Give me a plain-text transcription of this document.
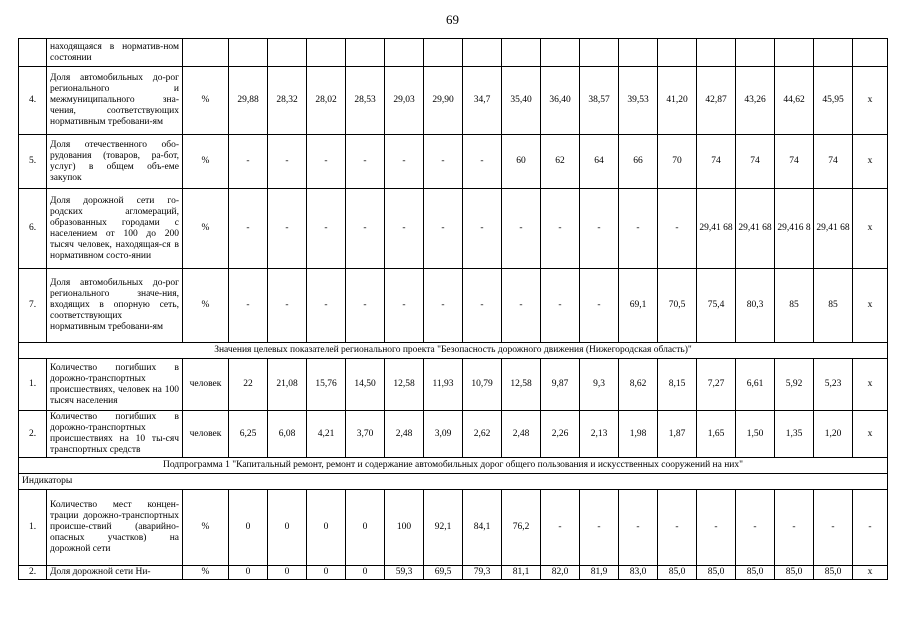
69
	находящаяся в норматив-ном состоянии																		
4.	Доля автомобильных до-рог регионального и межмуниципального зна-чения, соответствующих нормативным требовани-ям	%	29,88	28,32	28,02	28,53	29,03	29,90	34,7	35,40	36,40	38,57	39,53	41,20	42,87	43,26	44,62	45,95	х
5.	Доля отечественного обо-рудования (товаров, ра-бот, услуг) в общем объ-еме закупок	%	-	-	-	-	-	-	-	60	62	64	66	70	74	74	74	74	х
6.	Доля дорожной сети го-родских агломераций, образованных городами с населением от 100 до 200 тысяч человек, находящая-ся в нормативном состо-янии	%	-	-	-	-	-	-	-	-	-	-	-	-	29,41 68	29,41 68	29,416 8	29,41 68	х
7.	Доля автомобильных до-рог регионального значе-ния, входящих в опорную сеть, соответствующих нормативным требовани-ям	%	-	-	-	-	-	-	-	-	-	-	69,1	70,5	75,4	80,3	85	85	х
Значения целевых показателей регионального проекта "Безопасность дорожного движения (Нижегородская область)"																			
1.	Количество погибших в дорожно-транспортных происшествиях, человек на 100 тысяч населения	человек	22	21,08	15,76	14,50	12,58	11,93	10,79	12,58	9,87	9,3	8,62	8,15	7,27	6,61	5,92	5,23	х
2.	Количество погибших в дорожно-транспортных происшествиях на 10 ты-сяч транспортных средств	человек	6,25	6,08	4,21	3,70	2,48	3,09	2,62	2,48	2,26	2,13	1,98	1,87	1,65	1,50	1,35	1,20	х
Подпрограмма 1 "Капитальный ремонт, ремонт и содержание автомобильных дорог общего пользования и искусственных сооружений на них"																			
Индикаторы																			
1.	Количество мест концен-трации дорожно-транспортных происше-ствий (аварийно-опасных участков) на дорожной сети	%	0	0	0	0	100	92,1	84,1	76,2	-	-	-	-	-	-	-	-	-
2.	Доля дорожной сети Ни-	%	0	0	0	0	59,3	69,5	79,3	81,1	82,0	81,9	83,0	85,0	85,0	85,0	85,0	85,0	х
